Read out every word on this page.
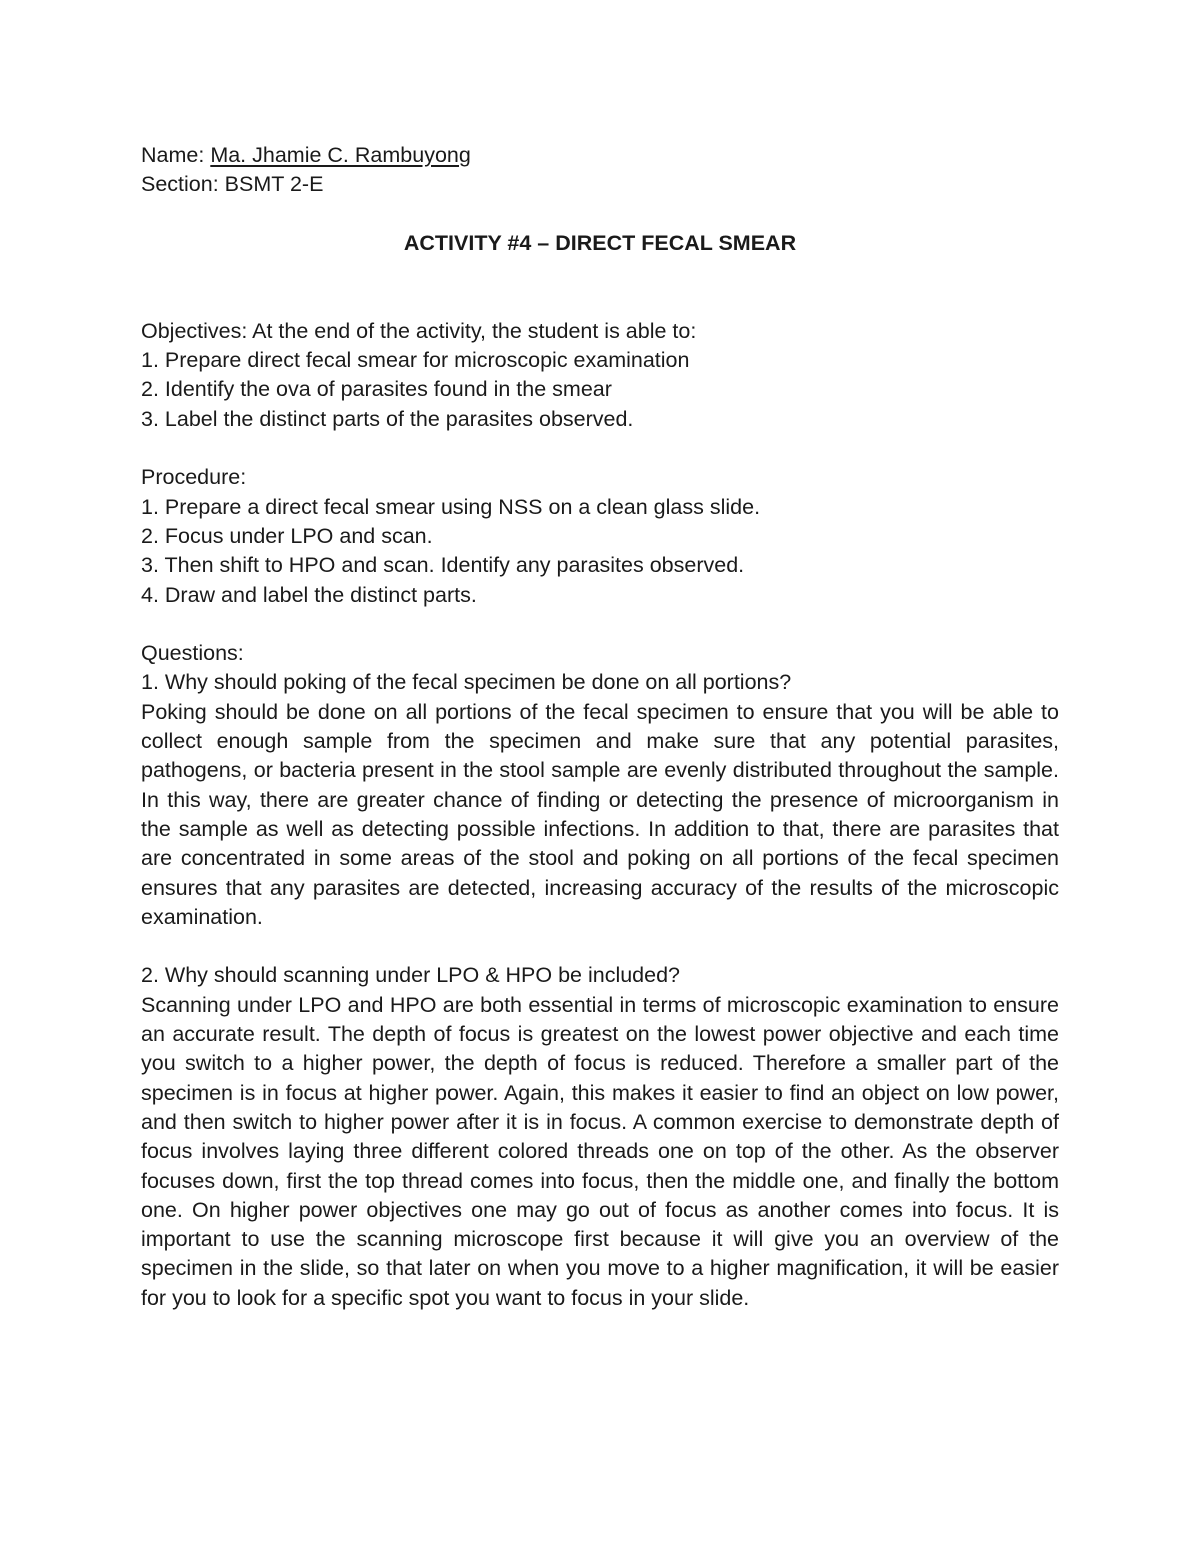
Name: Ma. Jhamie C. Rambuyong

Section: BSMT 2-E

ACTIVITY #4 – DIRECT FECAL SMEAR

Objectives: At the end of the activity, the student is able to:

1. Prepare direct fecal smear for microscopic examination

2. Identify the ova of parasites found in the smear

3. Label the distinct parts of the parasites observed.

Procedure:

1. Prepare a direct fecal smear using NSS on a clean glass slide.

2. Focus under LPO and scan.

3. Then shift to HPO and scan. Identify any parasites observed.

4. Draw and label the distinct parts.

Questions:

1. Why should poking of the fecal specimen be done on all portions?

Poking should be done on all portions of the fecal specimen to ensure that you will be able to collect enough sample from the specimen and make sure that any potential parasites, pathogens, or bacteria present in the stool sample are evenly distributed throughout the sample. In this way, there are greater chance of finding or detecting the presence of microorganism in the sample as well as detecting possible infections. In addition to that, there are parasites that are concentrated in some areas of the stool and poking on all portions of the fecal specimen ensures that any parasites are detected, increasing accuracy of the results of the microscopic examination.

2. Why should scanning under LPO & HPO be included?

Scanning under LPO and HPO are both essential in terms of microscopic examination to ensure an accurate result. The depth of focus is greatest on the lowest power objective and each time you switch to a higher power, the depth of focus is reduced. Therefore a smaller part of the specimen is in focus at higher power. Again, this makes it easier to find an object on low power, and then switch to higher power after it is in focus. A common exercise to demonstrate depth of focus involves laying three different colored threads one on top of the other. As the observer focuses down, first the top thread comes into focus, then the middle one, and finally the bottom one. On higher power objectives one may go out of focus as another comes into focus. It is important to use the scanning microscope first because it will give you an overview of the specimen in the slide, so that later on when you move to a higher magnification, it will be easier for you to look for a specific spot you want to focus in your slide.
